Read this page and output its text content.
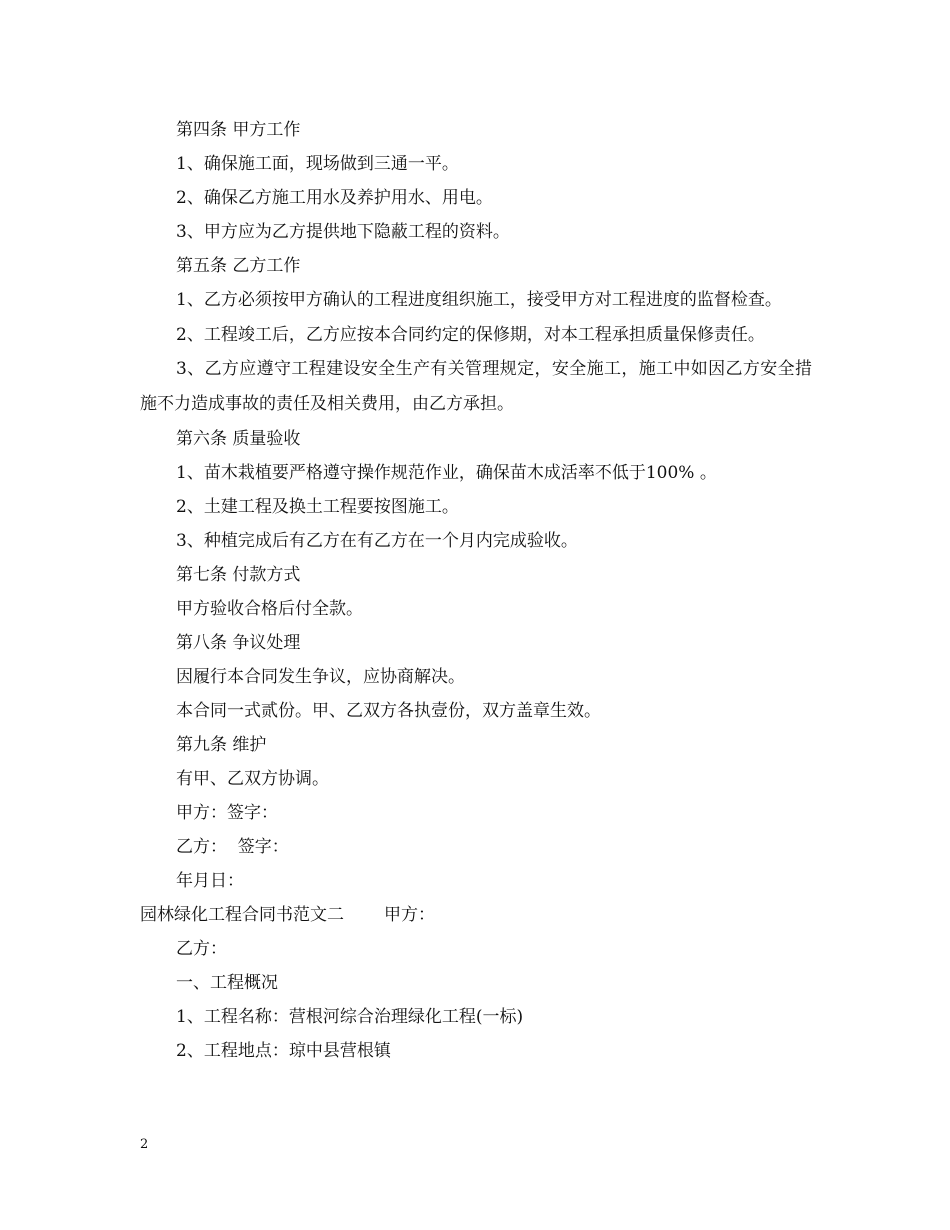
第四条 甲方工作

1、确保施工面，现场做到三通一平。

2、确保乙方施工用水及养护用水、用电。

3、甲方应为乙方提供地下隐蔽工程的资料。

第五条 乙方工作

1、乙方必须按甲方确认的工程进度组织施工，接受甲方对工程进度的监督检查。

2、工程竣工后，乙方应按本合同约定的保修期，对本工程承担质量保修责任。

3、乙方应遵守工程建设安全生产有关管理规定，安全施工，施工中如因乙方安全措施不力造成事故的责任及相关费用，由乙方承担。

第六条 质量验收

1、苗木栽植要严格遵守操作规范作业，确保苗木成活率不低于100% 。

2、土建工程及换土工程要按图施工。

3、种植完成后有乙方在有乙方在一个月内完成验收。

第七条 付款方式

甲方验收合格后付全款。

第八条 争议处理

因履行本合同发生争议，应协商解决。

本合同一式贰份。甲、乙双方各执壹份，双方盖章生效。

第九条 维护

有甲、乙双方协调。

甲方：签字：

乙方：  签字：

年月日：

园林绿化工程合同书范文二 甲方：

乙方：

一、工程概况

1、工程名称：营根河综合治理绿化工程(一标)

2、工程地点：琼中县营根镇

2
